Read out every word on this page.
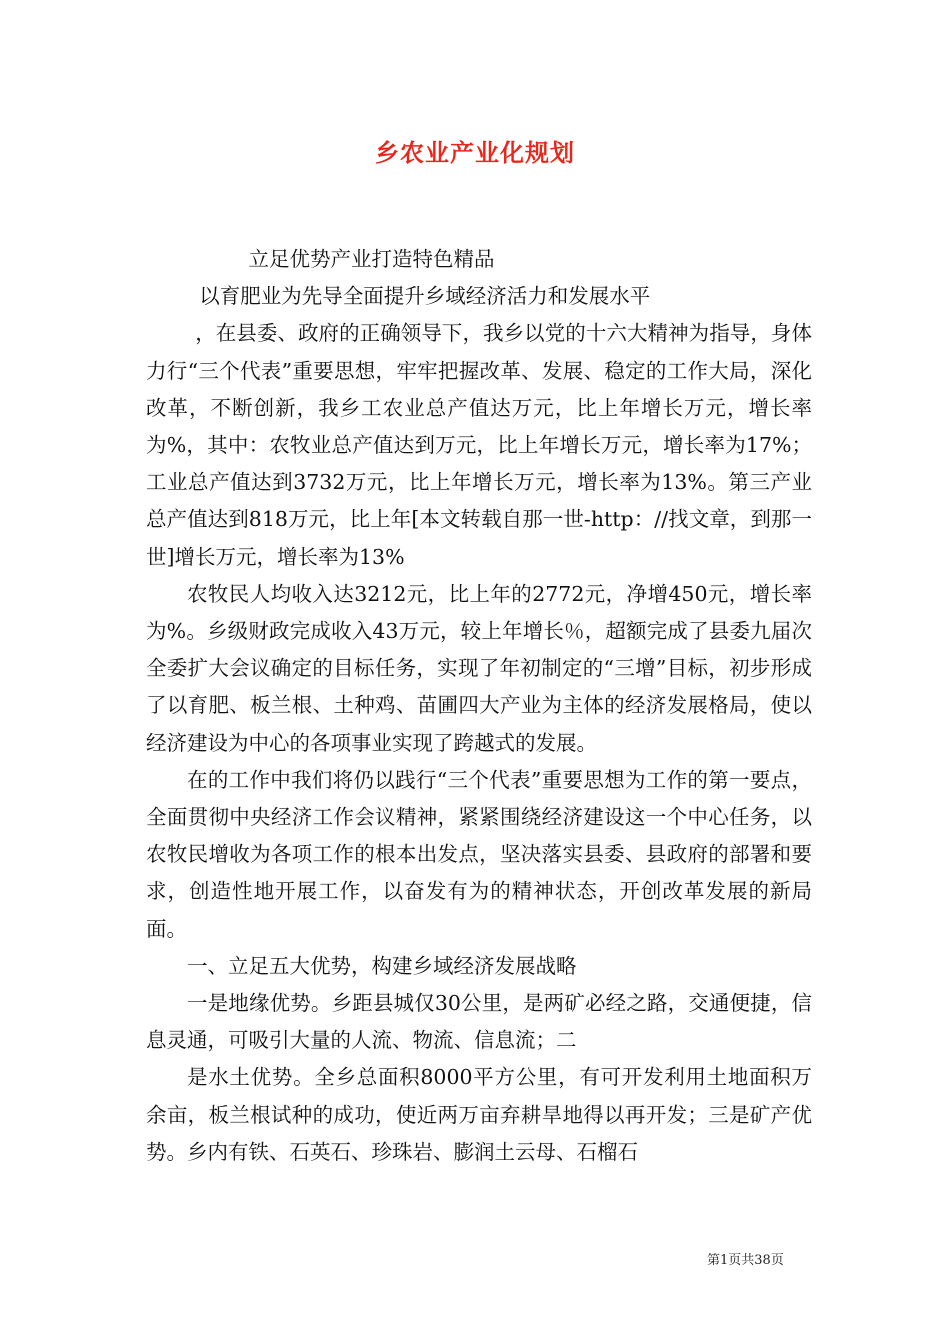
乡农业产业化规划

立足优势产业打造特色精品

以育肥业为先导全面提升乡域经济活力和发展水平

，在县委、政府的正确领导下，我乡以党的十六大精神为指导，身体力行“三个代表”重要思想，牢牢把握改革、发展、稳定的工作大局，深化改革，不断创新，我乡工农业总产值达万元，比上年增长万元，增长率为%，其中：农牧业总产值达到万元，比上年增长万元，增长率为17%；工业总产值达到3732万元，比上年增长万元，增长率为13%。第三产业总产值达到818万元，比上年[本文转载自那一世-http：//找文章，到那一世]增长万元，增长率为13%

农牧民人均收入达3212元，比上年的2772元，净增450元，增长率为%。乡级财政完成收入43万元，较上年增长％，超额完成了县委九届次全委扩大会议确定的目标任务，实现了年初制定的“三增”目标，初步形成了以育肥、板兰根、土种鸡、苗圃四大产业为主体的经济发展格局，使以经济建设为中心的各项事业实现了跨越式的发展。

在的工作中我们将仍以践行“三个代表”重要思想为工作的第一要点，全面贯彻中央经济工作会议精神，紧紧围绕经济建设这一个中心任务，以农牧民增收为各项工作的根本出发点，坚决落实县委、县政府的部署和要求，创造性地开展工作，以奋发有为的精神状态，开创改革发展的新局面。

一、立足五大优势，构建乡域经济发展战略

一是地缘优势。乡距县城仅30公里，是两矿必经之路，交通便捷，信息灵通，可吸引大量的人流、物流、信息流；二

是水土优势。全乡总面积8000平方公里，有可开发利用土地面积万余亩，板兰根试种的成功，使近两万亩弃耕旱地得以再开发；三是矿产优势。乡内有铁、石英石、珍珠岩、膨润土云母、石榴石

第1页共38页
